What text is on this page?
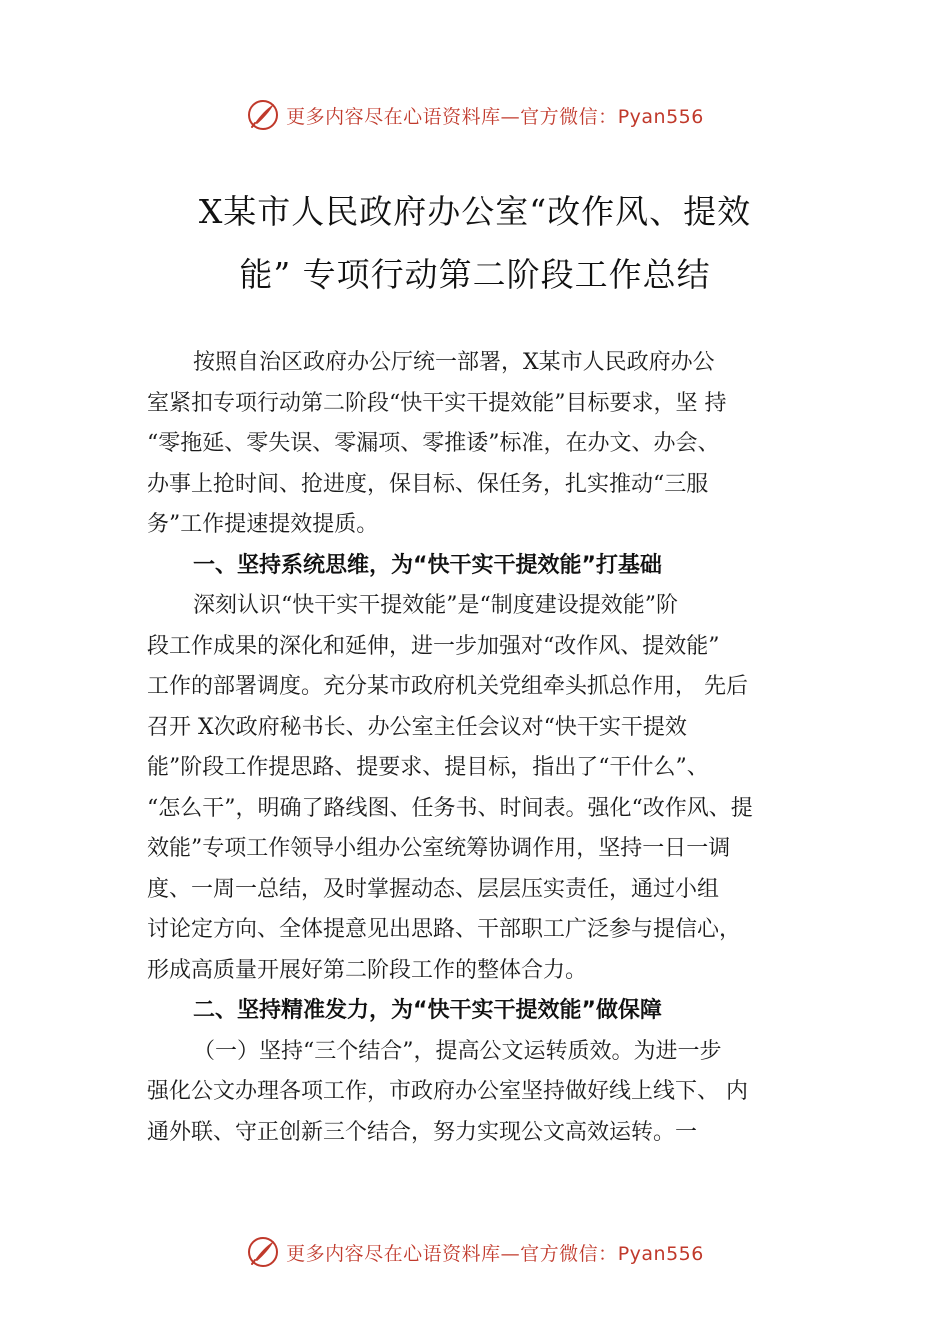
更多内容尽在心语资料库—官方微信：Pyan556
X某市人民政府办公室“改作风、提效
能” 专项行动第二阶段工作总结
按照自治区政府办公厅统一部署，X某市人民政府办公
室紧扣专项行动第二阶段“快干实干提效能”目标要求，坚 持
“零拖延、零失误、零漏项、零推诿”标准，在办文、办会、
办事上抢时间、抢进度，保目标、保任务，扎实推动“三服
务”工作提速提效提质。
一、坚持系统思维，为“快干实干提效能”打基础
深刻认识“快干实干提效能”是“制度建设提效能”阶
段工作成果的深化和延伸，进一步加强对“改作风、提效能”
工作的部署调度。充分某市政府机关党组牵头抓总作用， 先后
召开 X次政府秘书长、办公室主任会议对“快干实干提效
能”阶段工作提思路、提要求、提目标，指出了“干什么”、
“怎么干”，明确了路线图、任务书、时间表。强化“改作风、提
效能”专项工作领导小组办公室统筹协调作用，坚持一日一调
度、一周一总结，及时掌握动态、层层压实责任，通过小组
讨论定方向、全体提意见出思路、干部职工广泛参与提信心，
形成高质量开展好第二阶段工作的整体合力。
二、坚持精准发力，为“快干实干提效能”做保障
（一）坚持“三个结合”，提高公文运转质效。为进一步
强化公文办理各项工作，市政府办公室坚持做好线上线下、 内
通外联、守正创新三个结合，努力实现公文高效运转。一
更多内容尽在心语资料库—官方微信：Pyan556
